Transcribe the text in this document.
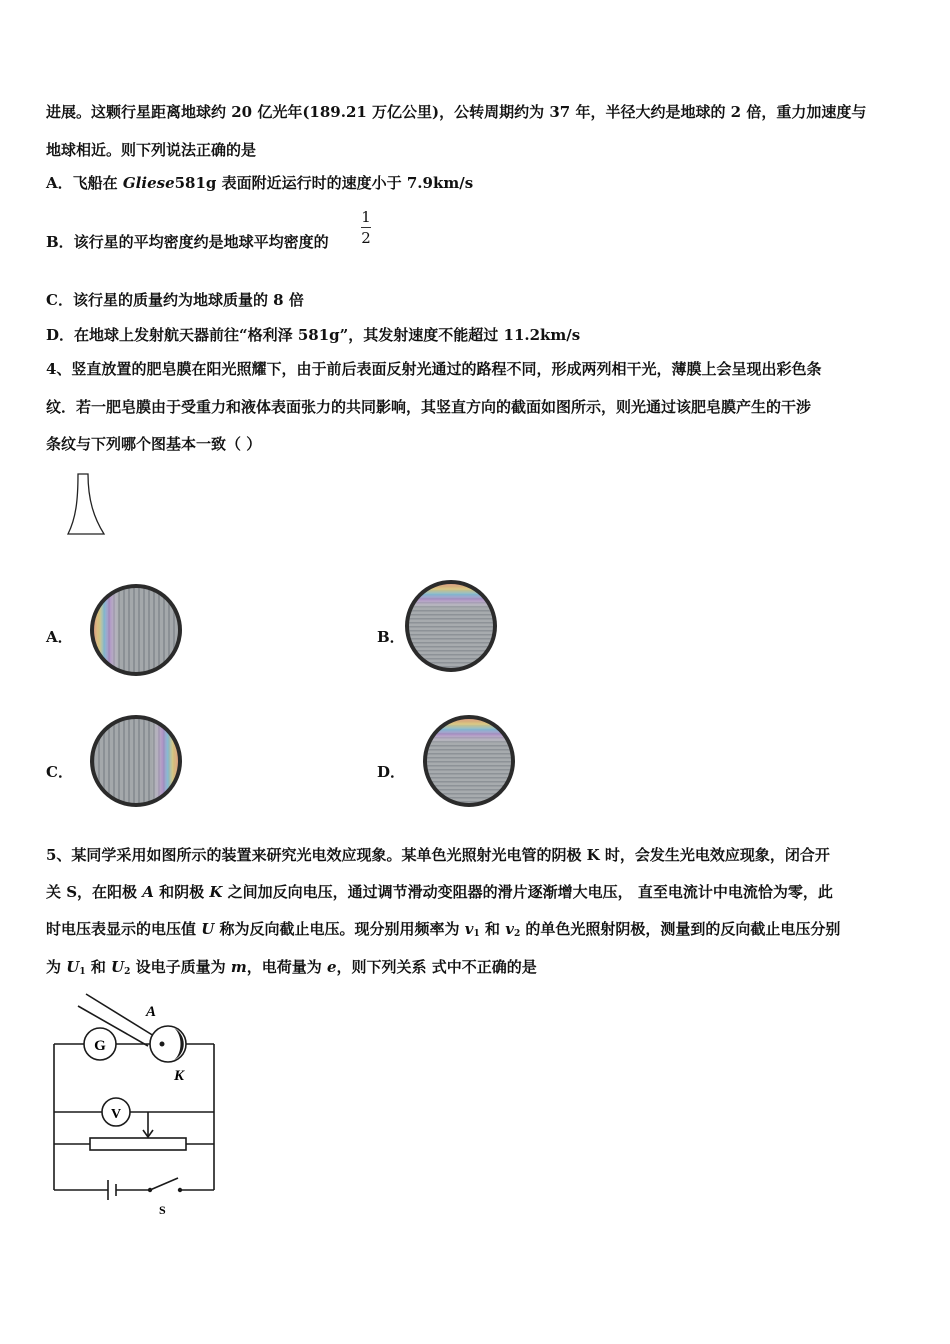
进展。这颗行星距离地球约 20 亿光年(189.21 万亿公里)，公转周期约为 37 年，半径大约是地球的 2 倍，重力加速度与
地球相近。则下列说法正确的是
A．飞船在 Gliese581g 表面附近运行时的速度小于 7.9km/s
B．该行星的平均密度约是地球平均密度的
1
2
C．该行星的质量约为地球质量的 8 倍
D．在地球上发射航天器前往“格利泽 581g”，其发射速度不能超过 11.2km/s
4、竖直放置的肥皂膜在阳光照耀下，由于前后表面反射光通过的路程不同，形成两列相干光，薄膜上会呈现出彩色条
纹．若一肥皂膜由于受重力和液体表面张力的共同影响，其竖直方向的截面如图所示，则光通过该肥皂膜产生的干涉
条纹与下列哪个图基本一致（ ）
A．	B．
C．	D．
5、某同学采用如图所示的装置来研究光电效应现象。某单色光照射光电管的阴极 K 时，会发生光电效应现象，闭合开
关 S，在阳极 A 和阴极 K 之间加反向电压，通过调节滑动变阻器的滑片逐渐增大电压， 直至电流计中电流恰为零，此
时电压表显示的电压值 U 称为反向截止电压。现分别用频率为 $v_1$ 和 $v_2$ 的单色光照射阴极，测量到的反向截止电压分别
为 $U_1$ 和 $U_2$ 设电子质量为 m，电荷量为 e，则下列关系 式中不正确的是
G
A
K
V
S
